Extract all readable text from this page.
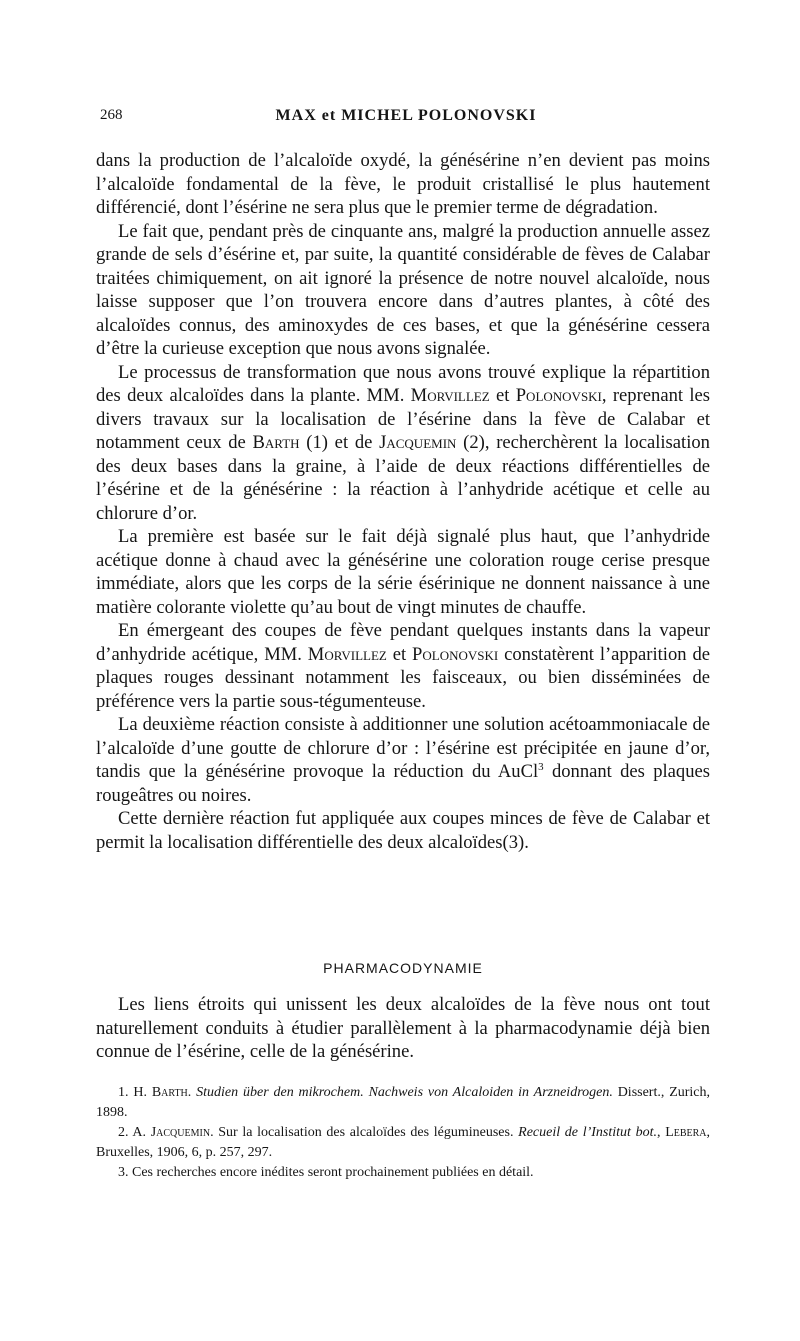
268	MAX et MICHEL POLONOVSKI

dans la production de l’alcaloïde oxydé, la génésérine n’en devient pas moins l’alcaloïde fondamental de la fève, le produit cristallisé le plus hautement différencié, dont l’ésérine ne sera plus que le premier terme de dégradation.

Le fait que, pendant près de cinquante ans, malgré la production annuelle assez grande de sels d’ésérine et, par suite, la quantité considérable de fèves de Calabar traitées chimiquement, on ait ignoré la présence de notre nouvel alcaloïde, nous laisse supposer que l’on trouvera encore dans d’autres plantes, à côté des alcaloïdes connus, des aminoxydes de ces bases, et que la génésérine cessera d’être la curieuse exception que nous avons signalée.

Le processus de transformation que nous avons trouvé explique la répartition des deux alcaloïdes dans la plante. MM. Morvillez et Polonovski, reprenant les divers travaux sur la localisation de l’ésérine dans la fève de Calabar et notamment ceux de Barth (1) et de Jacquemin (2), recherchèrent la localisation des deux bases dans la graine, à l’aide de deux réactions différentielles de l’ésérine et de la génésérine : la réaction à l’anhydride acétique et celle au chlorure d’or.

La première est basée sur le fait déjà signalé plus haut, que l’anhydride acétique donne à chaud avec la génésérine une coloration rouge cerise presque immédiate, alors que les corps de la série ésérinique ne donnent naissance à une matière colorante violette qu’au bout de vingt minutes de chauffe.

En émergeant des coupes de fève pendant quelques instants dans la vapeur d’anhydride acétique, MM. Morvillez et Polonovski constatèrent l’apparition de plaques rouges dessinant notamment les faisceaux, ou bien disséminées de préférence vers la partie sous-tégumenteuse.

La deuxième réaction consiste à additionner une solution acétoammoniacale de l’alcaloïde d’une goutte de chlorure d’or : l’ésérine est précipitée en jaune d’or, tandis que la génésérine provoque la réduction du AuCl$^3$ donnant des plaques rougeâtres ou noires.

Cette dernière réaction fut appliquée aux coupes minces de fève de Calabar et permit la localisation différentielle des deux alcaloïdes(3).

PHARMACODYNAMIE

Les liens étroits qui unissent les deux alcaloïdes de la fève nous ont tout naturellement conduits à étudier parallèlement à la pharmacodynamie déjà bien connue de l’ésérine, celle de la génésérine.

1. H. Barth. Studien über den mikrochem. Nachweis von Alcaloiden in Arzneidrogen. Dissert., Zurich, 1898.

2. A. Jacquemin. Sur la localisation des alcaloïdes des légumineuses. Recueil de l’Institut bot., Lebera, Bruxelles, 1906, 6, p. 257, 297.

3. Ces recherches encore inédites seront prochainement publiées en détail.
